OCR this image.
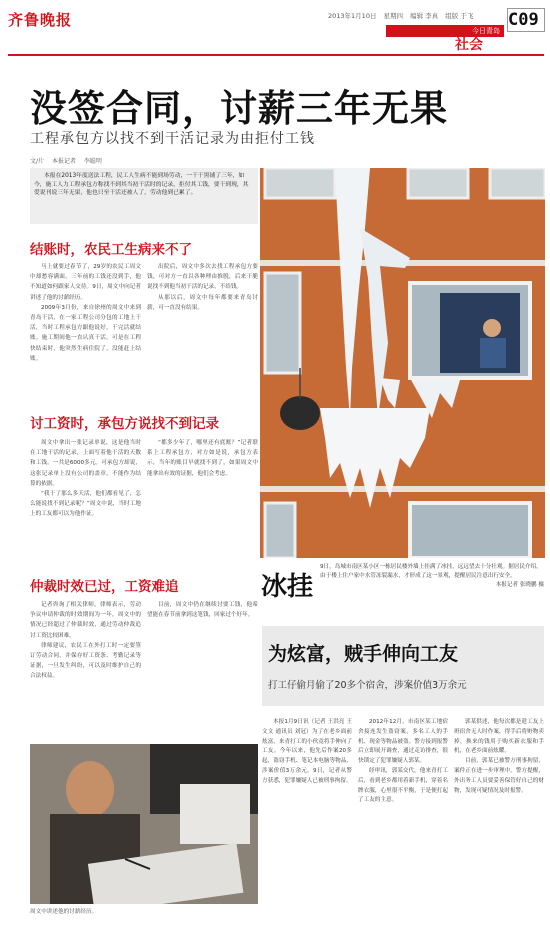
齐鲁晚报	2013年1月10日 星期四 编辑 李真 组版 于飞
今日青岛
社会
C09
没签合同，讨薪三年无果
工程承包方以找不到干活记录为由拒付工钱
文/片 本报记者 李聪明
本报在2013年度送法工程，民工人生病不能到场劳动，一干干黑铺了三年，如今，施工人力工程承包方称找不到其当初干活时的记录，拒付其工钱，要干到现，其爱说刊说三年无果，他也只至干活还被人了，劳动他到已累了。
结账时，农民工生病来不了

马上就要过春节了，29岁的农民工周文中却愁容满面。三年前的工钱还没到手，他不知道如何跟家人交待。9日，周文中向记者讲述了他的讨薪经历。

2009年3月份，来自徐州的周文中来到青岛干活，在一家工程公司分包的工地上干活，当时工程承包方跟他说好，干完活就结账。施工期间他一直认真干活，可是在工程快结束时，他突然生病住院了，没能赶上结账。

出院后，周文中多次去找工程承包方要钱，可对方一直以各种理由推脱，后来干脆说找不到他当初干活的记录，不给钱。

从那以后，周文中每年都要来青岛讨薪，可一直没有结果。

讨工资时，承包方说找不到记录

周文中拿出一张记录单说，这是他当时在工地干活的记录，上面写着他干活的天数和工钱，一共是6000多元。可承包方却说，这张记录单上没有公司的盖章，不能作为结算的依据。

“我干了那么多天活，他们都看见了，怎么能说找不到记录呢？”周文中说，当时工地上的工友都可以为他作证。

“都多少年了，哪里还有底账？”记者联系上工程承包方，对方如是说，承包方表示，当年的账目早就找不到了，如果周文中能拿出有效的证据，他们会考虑。

仲裁时效已过，工资难追

记者咨询了相关律师，律师表示，劳动争议申请仲裁的时效期间为一年，周文中的情况已经超过了仲裁时效，通过劳动仲裁追讨工资比较困难。

律师建议，农民工在外打工时一定要签订劳动合同，并保存好工资条、考勤记录等证据，一旦发生纠纷，可以及时维护自己的合法权益。

目前，周文中仍在继续讨要工钱，他希望能在春节前拿到这笔钱，回家过个好年。

冰挂
9日，岛城市南区某小区一栋居民楼外墙上挂满了冰挂，远远望去十分壮观。据居民介绍，由于楼上住户家中水管冻裂漏水，才形成了这一景观，提醒居民注意出行安全。
本报记者 张晓鹏 摄
为炫富，贼手伸向工友
打工仔偷月偷了20多个宿舍，涉案价值3万余元
本报1月9日讯（记者 王洪亮 王文文 通讯员 刘冠）为了在老乡面前炫富，来青打工的小伙竟将手伸向了工友。今年以来，他先后作案20多起，盗窃手机、笔记本电脑等物品，涉案价值3万余元。9日，记者从警方获悉，犯罪嫌疑人已被刑事拘留。
2012年12月，市南区某工地宿舍接连发生盗窃案，多名工人的手机、现金等物品被盗。警方接到报警后立即展开调查，通过走访排查，很快锁定了犯罪嫌疑人郭某。
经审讯，郭某交代，他来青打工后，看到老乡都用着新手机，穿着名牌衣服，心里很不平衡，于是便打起了工友的主意。
郭某供述，他每次都是趁工友上班宿舍无人时作案，得手后将赃物卖掉，换来的钱用于购买新衣服和手机，在老乡面前炫耀。
目前，郭某已被警方刑事拘留，案件正在进一步审理中。警方提醒，外出务工人员要妥善保管好自己的财物，发现可疑情况及时报警。
周文中讲述他的讨薪经历。
